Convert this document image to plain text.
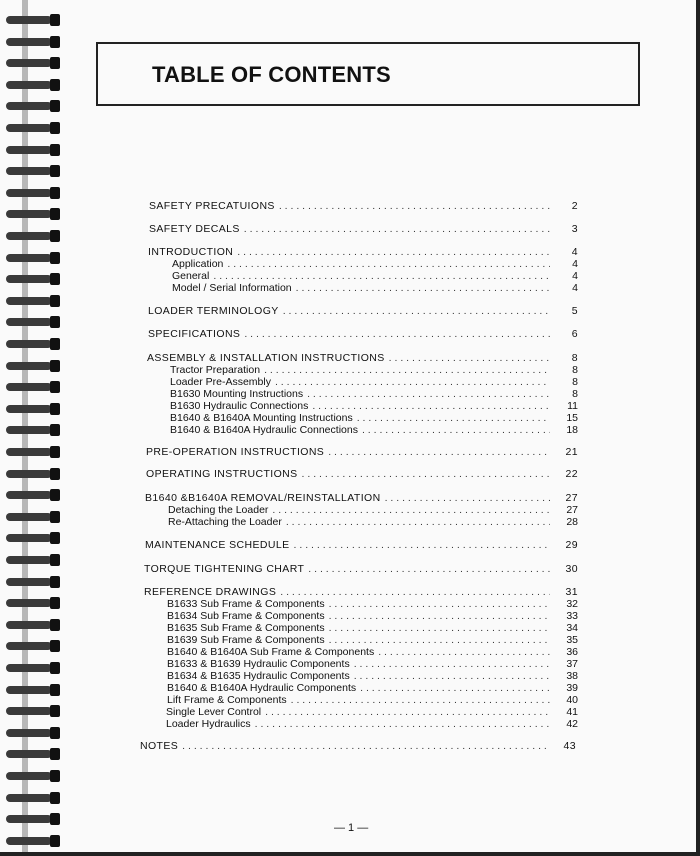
TABLE OF CONTENTS
SAFETY PRECATUIONS . . .	2
SAFETY DECALS . . .	3
INTRODUCTION . . .	4
Application . . .	4
General . . .	4
Model / Serial Information . . .	4
LOADER TERMINOLOGY . . .	5
SPECIFICATIONS . . .	6
ASSEMBLY & INSTALLATION INSTRUCTIONS . . .	8
Tractor Preparation . . .	8
Loader Pre-Assembly . . .	8
B1630 Mounting Instructions . . .	8
B1630 Hydraulic Connections . . .	11
B1640 & B1640A Mounting Instructions . . .	15
B1640 & B1640A Hydraulic Connections . . .	18
PRE-OPERATION INSTRUCTIONS . . .	21
OPERATING INSTRUCTIONS . . .	22
B1640 &B1640A REMOVAL/REINSTALLATION . . .	27
Detaching the Loader . . .	27
Re-Attaching the Loader . . .	28
MAINTENANCE SCHEDULE . . .	29
TORQUE TIGHTENING CHART . . .	30
REFERENCE DRAWINGS . . .	31
B1633 Sub Frame & Components . . .	32
B1634 Sub Frame & Components . . .	33
B1635 Sub Frame & Components . . .	34
B1639 Sub Frame & Components . . .	35
B1640 & B1640A Sub Frame & Components . . .	36
B1633 & B1639 Hydraulic Components . . .	37
B1634 & B1635 Hydraulic Components . . .	38
B1640 & B1640A Hydraulic Components . . .	39
Lift Frame & Components . . .	40
Single Lever Control . . .	41
Loader Hydraulics . . .	42
NOTES . . .	43
— 1 —
